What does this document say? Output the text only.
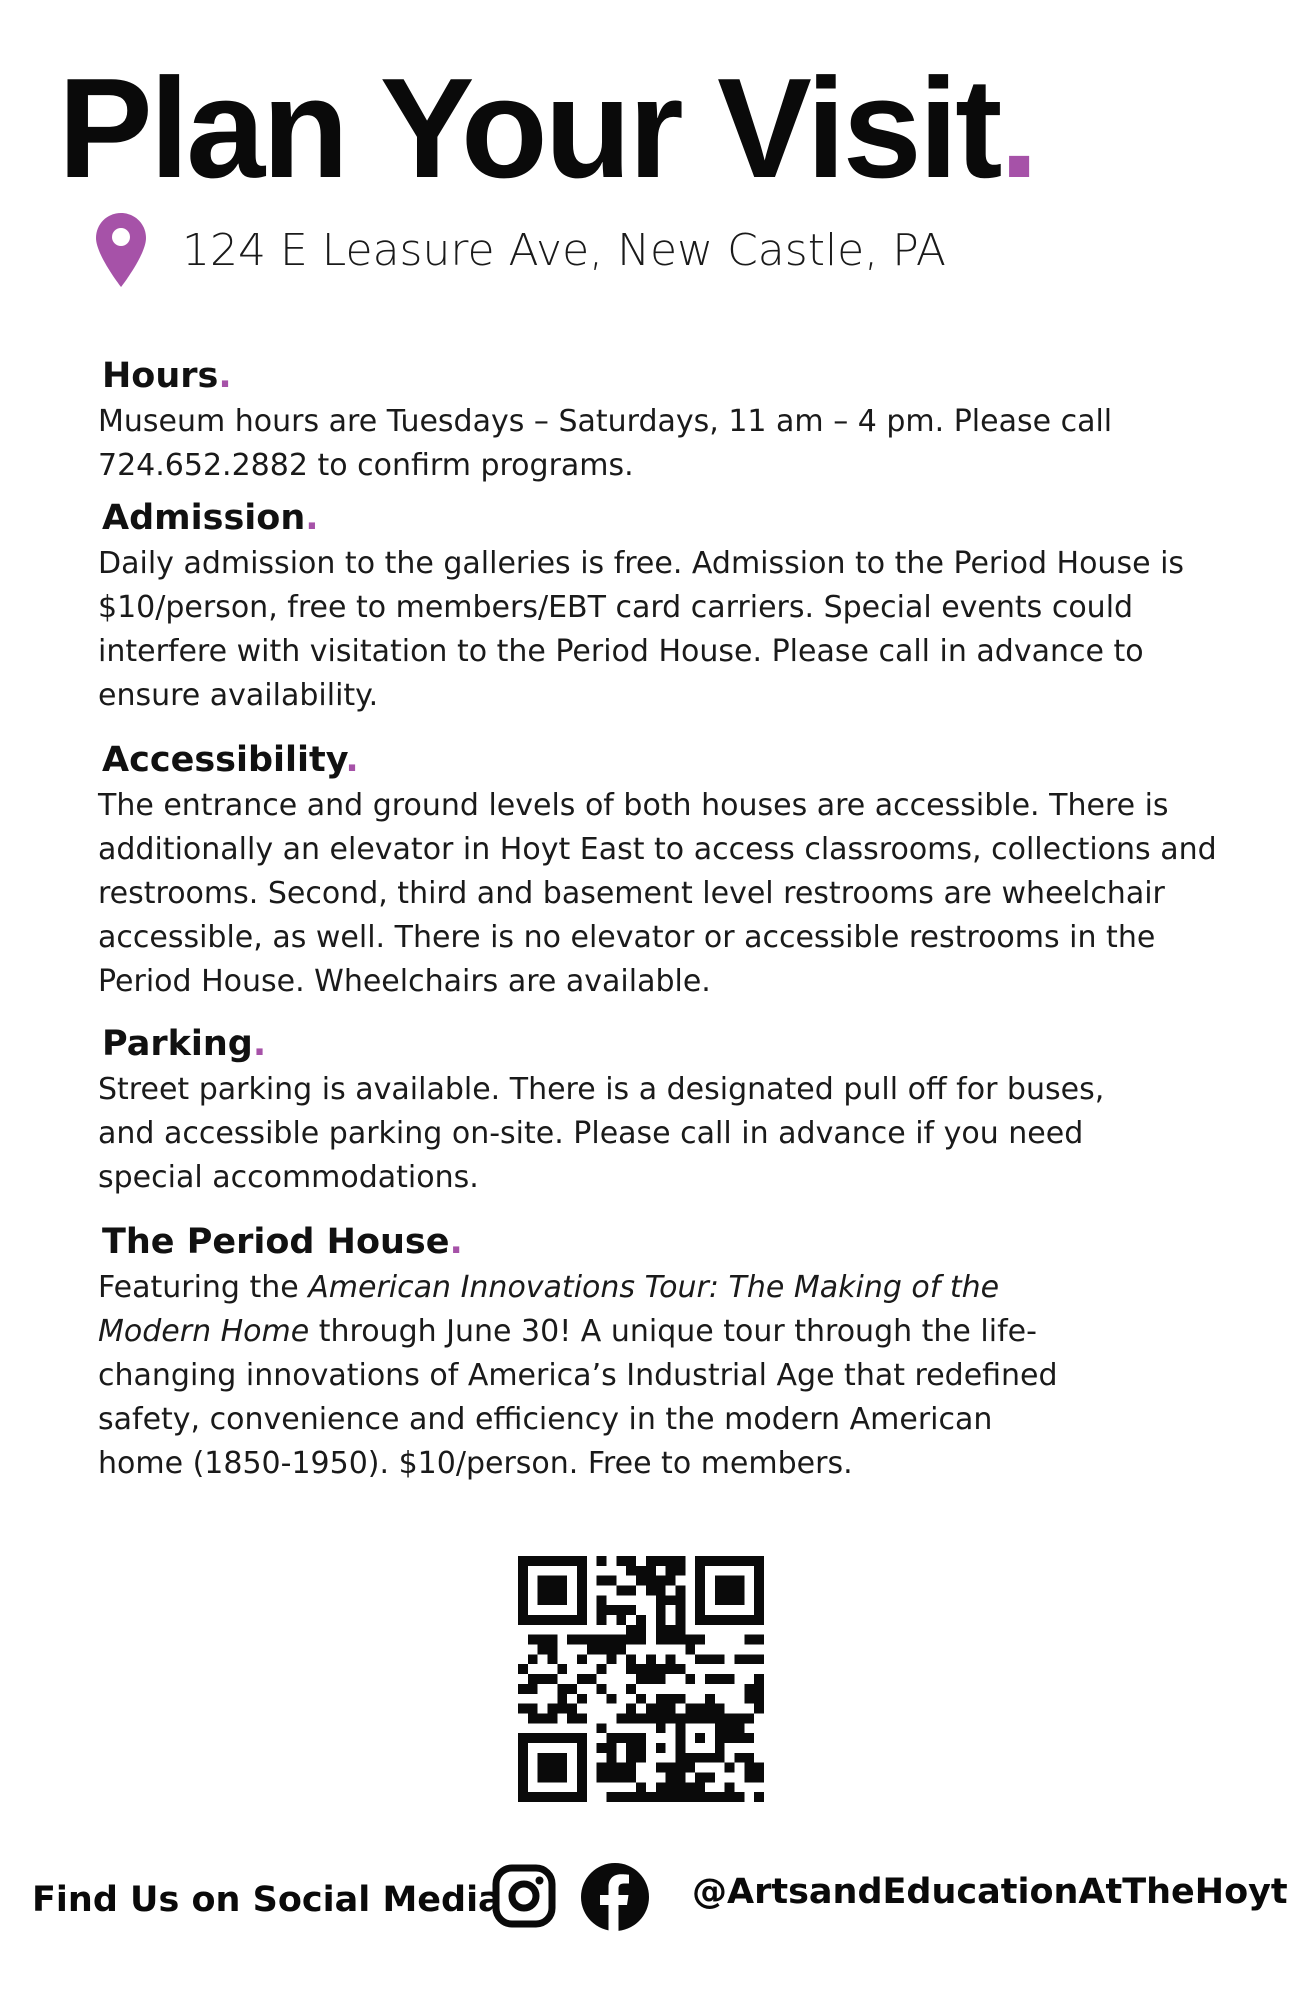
Plan Your Visit.
124 E Leasure Ave, New Castle, PA
Hours.

Museum hours are Tuesdays – Saturdays, 11 am – 4 pm. Please call 724.652.2882 to confirm programs.

Admission.

Daily admission to the galleries is free. Admission to the Period House is $10/person, free to members/EBT card carriers. Special events could interfere with visitation to the Period House. Please call in advance to ensure availability.

Accessibility.

The entrance and ground levels of both houses are accessible. There is additionally an elevator in Hoyt East to access classrooms, collections and restrooms. Second, third and basement level restrooms are wheelchair accessible, as well. There is no elevator or accessible restrooms in the Period House. Wheelchairs are available.

Parking.

Street parking is available. There is a designated pull off for buses, and accessible parking on-site. Please call in advance if you need special accommodations.

The Period House.

Featuring the American Innovations Tour: The Making of the Modern Home through June 30! A unique tour through the life-changing innovations of America’s Industrial Age that redefined safety, convenience and efficiency in the modern American home (1850-1950). $10/person. Free to members.

Find Us on Social Media	@ArtsandEducationAtTheHoyt
